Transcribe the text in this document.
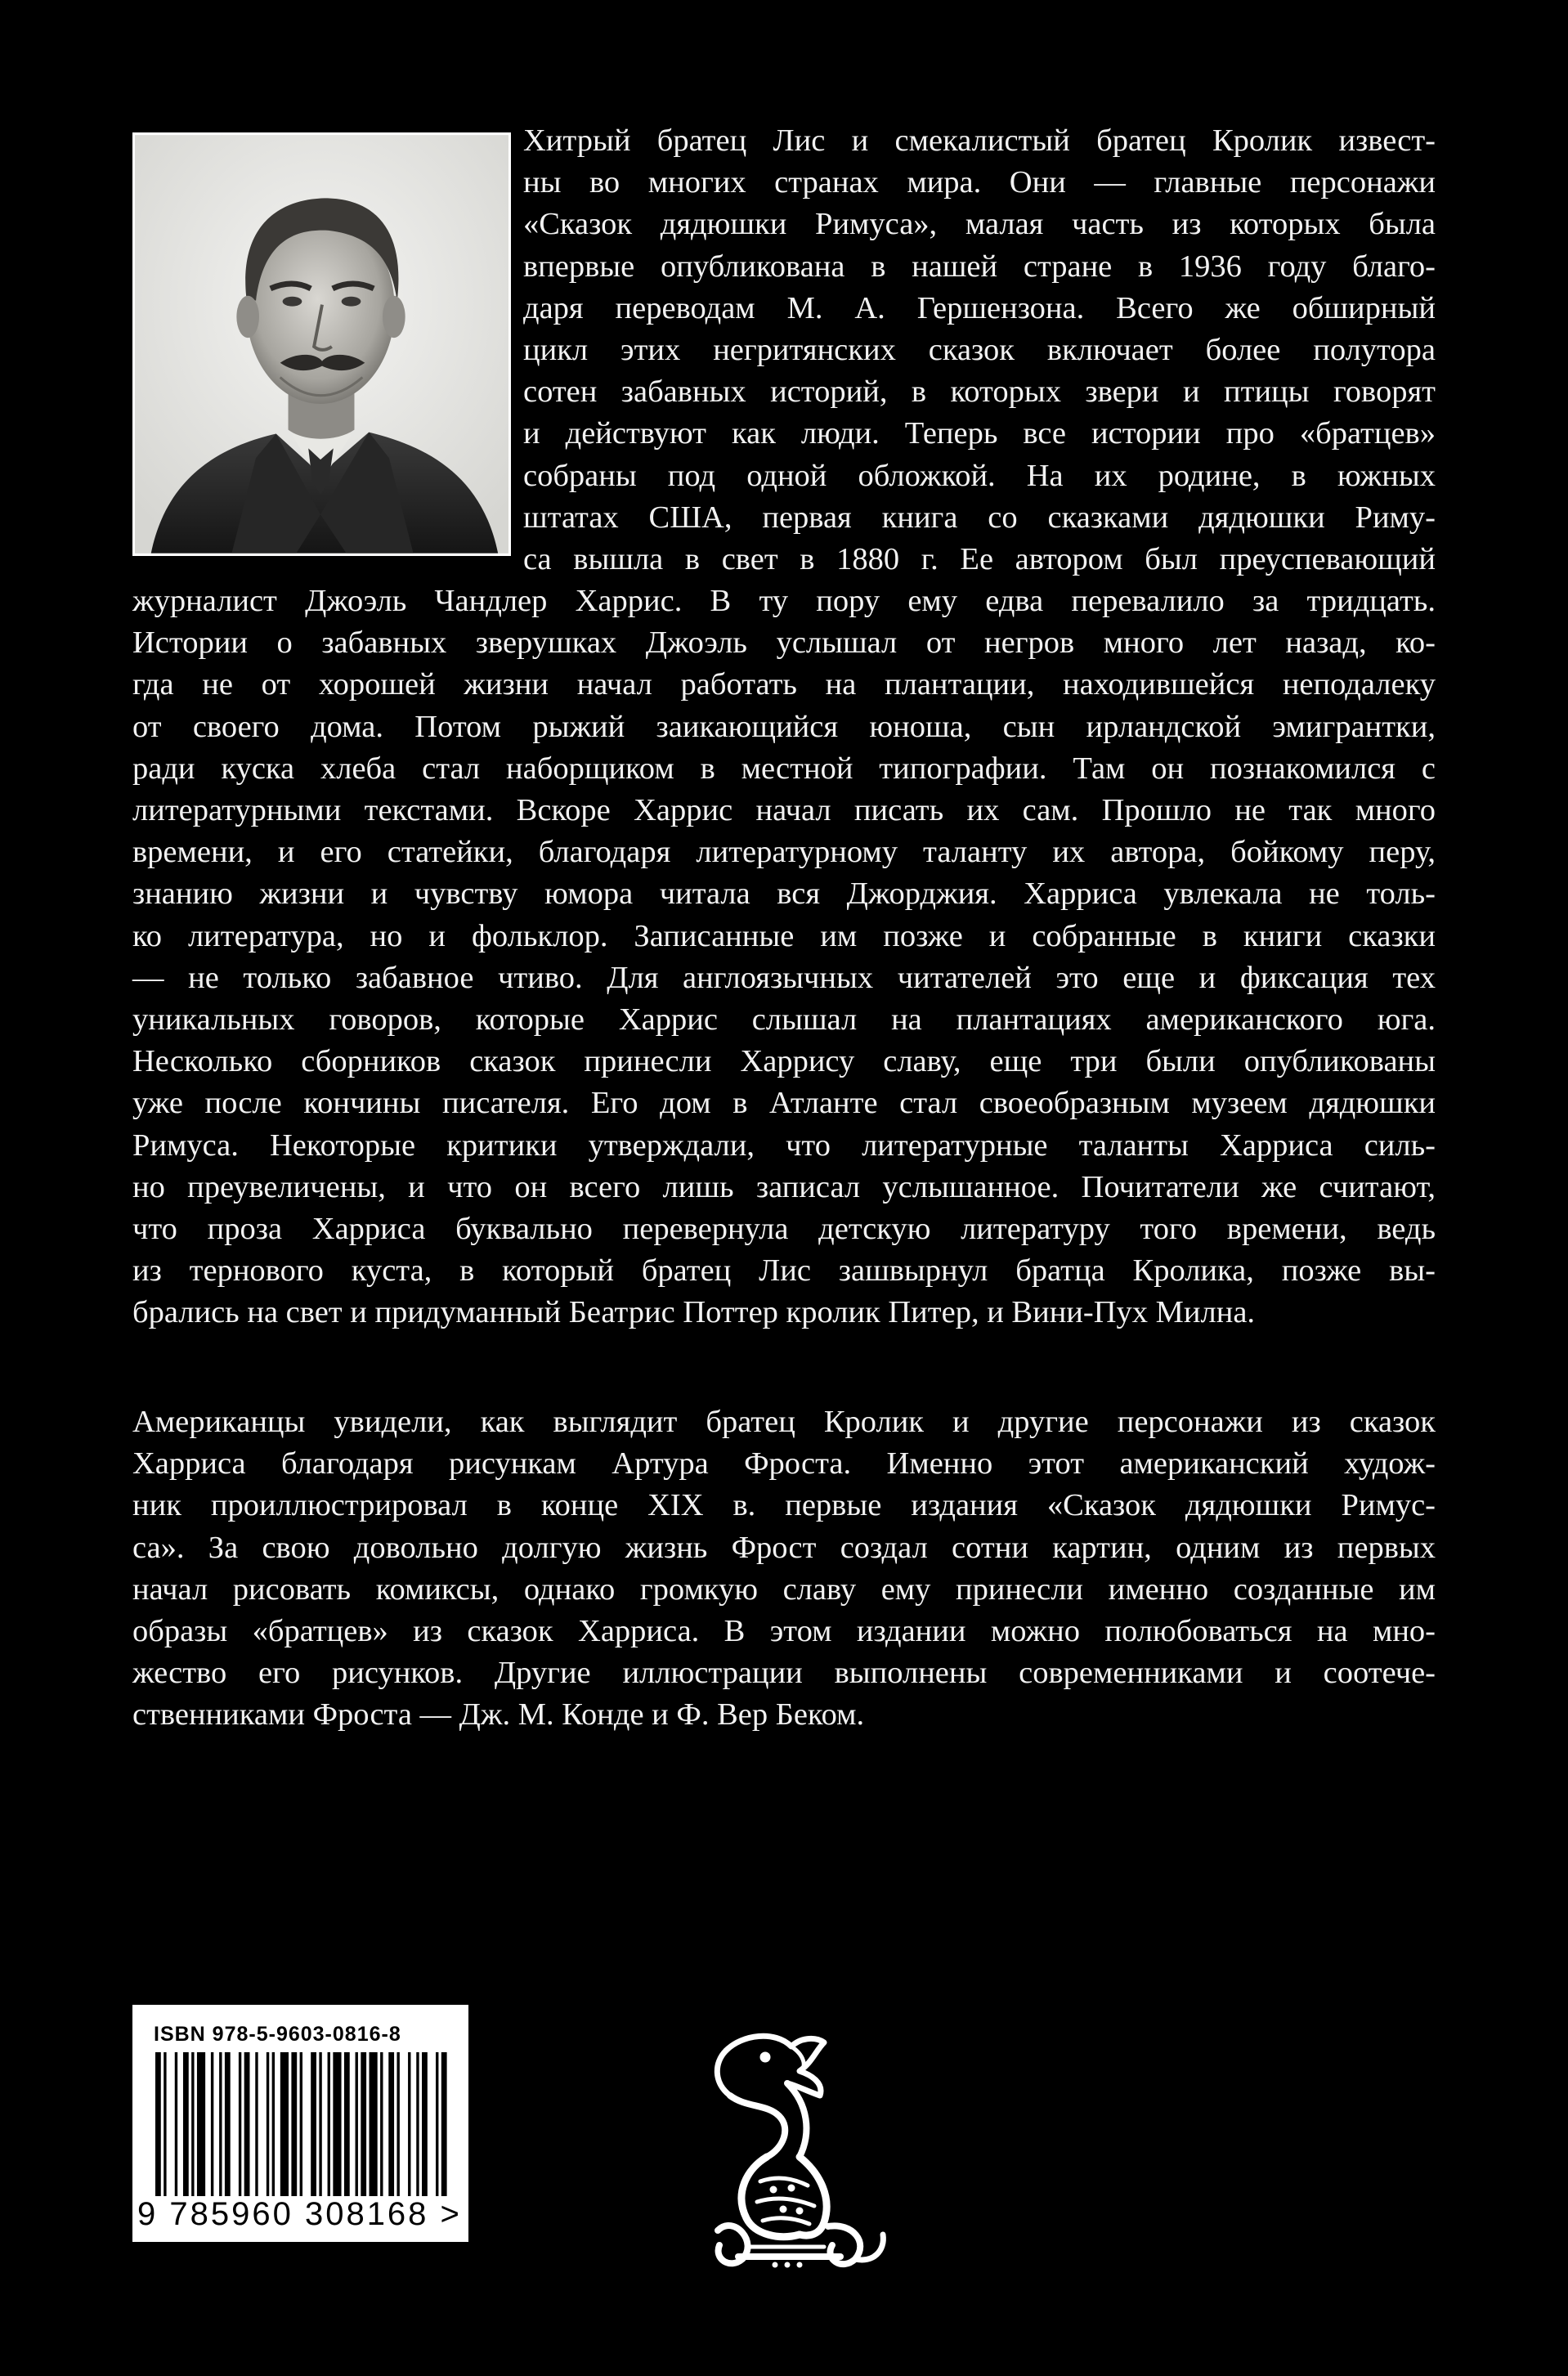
Хитрый братец Лис и смекалистый братец Кролик извест-
ны во многих странах мира. Они — главные персонажи
«Сказок дядюшки Римуса», малая часть из которых была
впервые опубликована в нашей стране в 1936 году благо-
даря переводам М. А. Гершензона. Всего же обширный
цикл этих негритянских сказок включает более полутора
сотен забавных историй, в которых звери и птицы говорят
и действуют как люди. Теперь все истории про «братцев»
собраны под одной обложкой. На их родине, в южных
штатах США, первая книга со сказками дядюшки Риму-
са вышла в свет в 1880 г. Ее автором был преуспевающий
журналист Джоэль Чандлер Харрис. В ту пору ему едва перевалило за тридцать.
Истории о забавных зверушках Джоэль услышал от негров много лет назад, ко-
гда не от хорошей жизни начал работать на плантации, находившейся неподалеку
от своего дома. Потом рыжий заикающийся юноша, сын ирландской эмигрантки,
ради куска хлеба стал наборщиком в местной типографии. Там он познакомился с
литературными текстами. Вскоре Харрис начал писать их сам. Прошло не так много
времени, и его статейки, благодаря литературному таланту их автора, бойкому перу,
знанию жизни и чувству юмора читала вся Джорджия. Харриса увлекала не толь-
ко литература, но и фольклор. Записанные им позже и собранные в книги сказки
— не только забавное чтиво. Для англоязычных читателей это еще и фиксация тех
уникальных говоров, которые Харрис слышал на плантациях американского юга.
Несколько сборников сказок принесли Харрису славу, еще три были опубликованы
уже после кончины писателя. Его дом в Атланте стал своеобразным музеем дядюшки
Римуса. Некоторые критики утверждали, что литературные таланты Харриса силь-
но преувеличены, и что он всего лишь записал услышанное. Почитатели же считают,
что проза Харриса буквально перевернула детскую литературу того времени, ведь
из тернового куста, в который братец Лис зашвырнул братца Кролика, позже вы-
брались на свет и придуманный Беатрис Поттер кролик Питер, и Вини-Пух Милна.
Американцы увидели, как выглядит братец Кролик и другие персонажи из сказок
Харриса благодаря рисункам Артура Фроста. Именно этот американский худож-
ник проиллюстрировал в конце XIX в. первые издания «Сказок дядюшки Римус-
са». За свою довольно долгую жизнь Фрост создал сотни картин, одним из первых
начал рисовать комиксы, однако громкую славу ему принесли именно созданные им
образы «братцев» из сказок Харриса. В этом издании можно полюбоваться на мно-
жество его рисунков. Другие иллюстрации выполнены современниками и соотече-
ственниками Фроста — Дж. М. Конде и Ф. Вер Беком.
ISBN 978-5-9603-0816-8
9 785960 308168 >
